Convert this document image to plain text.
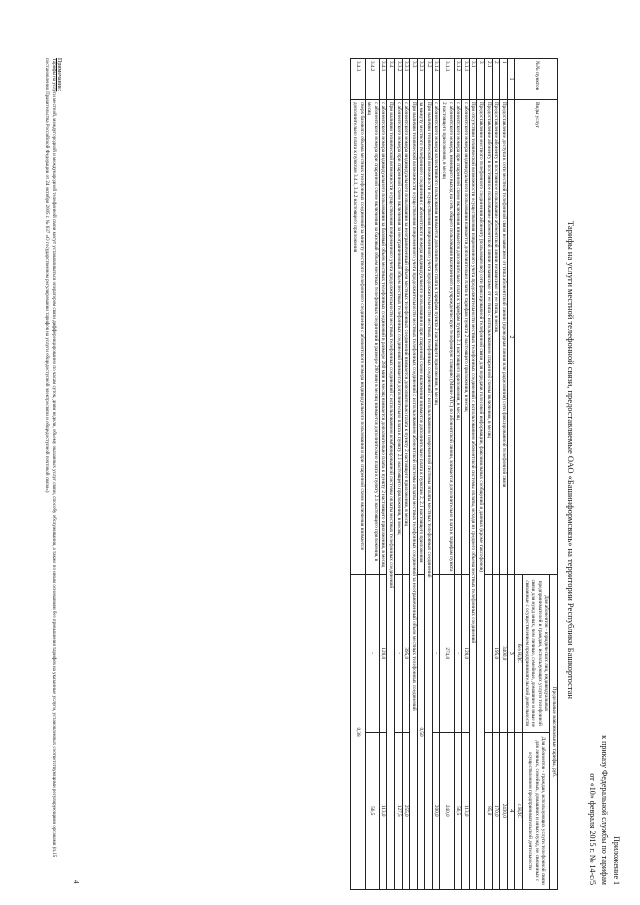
Приложение 1
к приказу Федеральной службы по тарифам
от «10» февраля 2015 г. № 14-с/5
Тарифы на услуги местной телефонной связи, предоставляемые ОАО «Башинформсвязь» на территории Республики Башкортостан
№№ пунктов	Виды услуг	Предельные максимальные тарифы, руб.	
		Для абонентов - юридических лиц, индивидуальных предпринимателей и граждан, использующих услуги телефонной связи для нужд иных, чем личные, семейные, домашние и иные не связанные с осуществлением предпринимательской деятельности	Для абонентов - граждан, использующих услуги телефонной связи для личных, семейных, домашних и иных нужд, не связанных с осуществлением предпринимательской деятельности
		без НДС	с НДС
1	2	3	4
1	Предоставление доступа к сети местной телефонной связи независимо от типа абонентской линии (проводная линия или радиолиния) сети фиксированной телефонной связи	3400,0	2430,0
2	Предоставление абоненту в постоянное пользование абонентской линии независимо от ее типа, в месяц	195,0	170,0
2.1	Предоставление абоненту в постоянное пользование абонентской линии независимо от ее типа с использованием спаренной схемы включения, в месяц		85,0
3	Предоставление местного телефонного соединения абоненту (пользователю) сети фиксированной телефонной связи для передачи голосовой информации, факсимильных сообщений и данных (кроме таксофонов)		
3.1	При отсутствии технической возможности осуществления повременного учета продолжительности местных телефонных соединений с использованием абонентской системы оплаты, исходя из среднего объема местных телефонных соединений		
3.1.1	с абонентского номера индивидуального пользования взимается дополнительно плата к тарифам пункта 2 настоящего приложения, в месяц	128,0	113,0
3.1.2	с абонентского номера при спаренной схеме включения взимается дополнительно плата к тарифам пункта 2.1 настоящего приложения, в месяц	-	56,5
3.1.3	с абонентского номера, имеющего выход на сеть общего пользования включенного в учрежденческую телефонную станцию (Мини-АТС) по абонентской линии, взимается дополнительно плата к тарифам пункта 2 настоящего приложения, в месяц	274,0	240,0
3.1.4	с абонентского номера коллективного пользования взимается дополнительно плата к тарифам пункта 2 настоящего приложения, в месяц	-	200,0
3.2	При наличии технической возможности осуществления повременного учета продолжительности местных телефонных соединений с использованием повременной системы оплаты местных телефонных соединений		
3.2.1	за минуту местного телефонного соединения с абонентского номера индивидуального пользования и при спаренной схеме включения взимается дополнительно плата к пунктам 2, 2.1 настоящего приложения	0,50	
3.3	При наличии технической возможности осуществления повременного учета продолжительности местных телефонных соединений с использованием абонентской системы оплаты местных телефонных соединений за неограниченный объем местных телефонных соединений		
3.3.1	с абонентского номера индивидуального пользования за неограниченный объем местных телефонных соединений взимается дополнительно плата к пункту 2 настоящего приложения, в месяц	395,0	255,0
3.3.2	с абонентского номера при спаренной схеме включения за неограниченный объем местных телефонных соединений взимается дополнительно плата к пункту 2.1 настоящего приложения, в месяц	-	127,5
3.4	При наличии технической возможности осуществления повременного учета продолжительности местных телефонных соединений с использованием комбинированной системы оплаты местных телефонных соединений		
3.4.1	с абонентского номера индивидуального пользования за базовый объем местных телефонных соединений в размере 280 мин в месяц взимается дополнительно плата к пункту 2 настоящего приложения, в месяц	128,0	113,0
3.4.2	с абонентского номера при спаренной схеме включения за базовый объем местных телефонных соединений в размере 280 мин в месяц взимается дополнительно плата к пункту 2.1 настоящего приложения, в месяц	-	56,5
3.4.3	сверх базового объема местных телефонных соединений за минуту местного телефонного соединения с абонентского номера индивидуального пользования и при спаренной схеме включения взимается дополнительно плата к пунктам 3.4.1, 3.4.2 настоящего приложения	0,38	
Примечание:
Тарифы на услуги местной, междугородной и международной телефонной связи могут устанавливаться оператором связи дифференцированно по часам суток, дням недели, объему оказанных услуг связи, способу обслуживания, а также по иным основаниям без превышения тарифов на указанные услуги, установленных соответствующими регулирующими органами (п.15 постановления Правительства Российской Федерации от 24 октября 2005 г. № 637 «О государственном регулировании тарифов на услуги общедоступной электросвязи и общедоступной почтовой связи»)
4
